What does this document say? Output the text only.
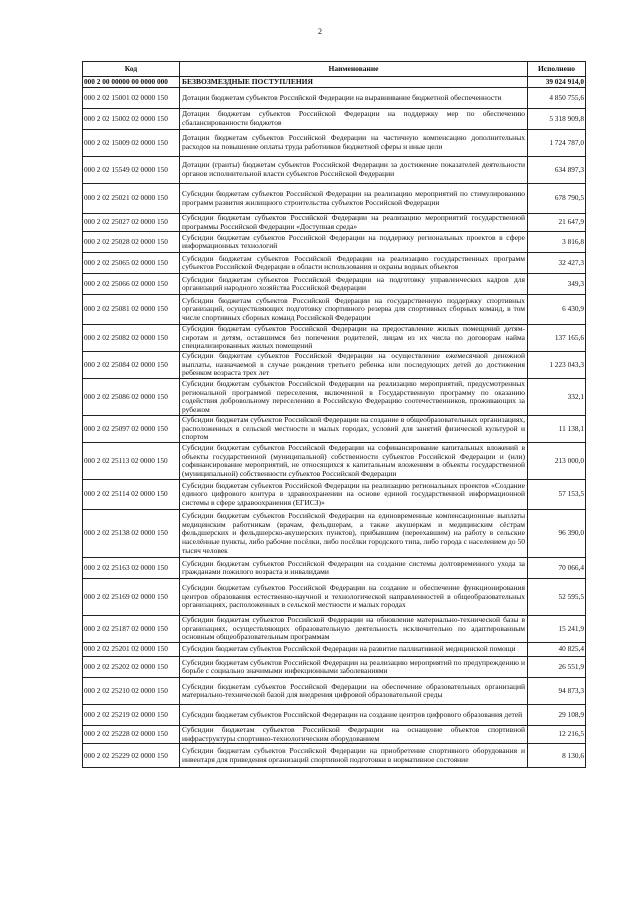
2
Код	Наименование	Исполнено
000 2 00 00000 00 0000 000	БЕЗВОЗМЕЗДНЫЕ ПОСТУПЛЕНИЯ	39 024 914,0
000 2 02 15001 02 0000 150	Дотации бюджетам субъектов Российской Федерации на выравнивание бюджетной обеспеченности	4 850 755,6
000 2 02 15002 02 0000 150	Дотации бюджетам субъектов Российской Федерации на поддержку мер по обеспечению сбалансированности бюджетов	5 318 909,8
000 2 02 15009 02 0000 150	Дотации бюджетам субъектов Российской Федерации на частичную компенсацию дополнительных расходов на повышение оплаты труда работников бюджетной сферы и иные цели	1 724 787,0
000 2 02 15549 02 0000 150	Дотации (гранты) бюджетам субъектов Российской Федерации за достижение показателей деятельности органов исполнительной власти субъектов Российской Федерации	634 897,3
000 2 02 25021 02 0000 150	Субсидии бюджетам субъектов Российской Федерации на реализацию мероприятий по стимулированию программ развития жилищного строительства субъектов Российской Федерации	678 790,5
000 2 02 25027 02 0000 150	Субсидии бюджетам субъектов Российской Федерации на реализацию мероприятий государственной программы Российской Федерации «Доступная среда»	21 647,9
000 2 02 25028 02 0000 150	Субсидии бюджетам субъектов Российской Федерации на поддержку региональных проектов в сфере информационных технологий	3 816,8
000 2 02 25065 02 0000 150	Субсидии бюджетам субъектов Российской Федерации на реализацию государственных программ субъектов Российской Федерации в области использования и охраны водных объектов	32 427,3
000 2 02 25066 02 0000 150	Субсидии бюджетам субъектов Российской Федерации на подготовку управленческих кадров для организаций народного хозяйства Российской Федерации	349,3
000 2 02 25081 02 0000 150	Субсидии бюджетам субъектов Российской Федерации на государственную поддержку спортивных организаций, осуществляющих подготовку спортивного резерва для спортивных сборных команд, в том числе спортивных сборных команд Российской Федерации	6 430,9
000 2 02 25082 02 0000 150	Субсидии бюджетам субъектов Российской Федерации на предоставление жилых помещений детям-сиротам и детям, оставшимся без попечения родителей, лицам из их числа по договорам найма специализированных жилых помещений	137 165,6
000 2 02 25084 02 0000 150	Субсидии бюджетам субъектов Российской Федерации на осуществление ежемесячной денежной выплаты, назначаемой в случае рождения третьего ребенка или последующих детей до достижения ребенком возраста трех лет	1 223 043,3
000 2 02 25086 02 0000 150	Субсидии бюджетам субъектов Российской Федерации на реализацию мероприятий, предусмотренных региональной программой переселения, включенной в Государственную программу по оказанию содействия добровольному переселению в Российскую Федерацию соотечественников, проживающих за рубежом	332,1
000 2 02 25097 02 0000 150	Субсидии бюджетам субъектов Российской Федерации на создание в общеобразовательных организациях, расположенных в сельской местности и малых городах, условий для занятий физической культурой и спортом	11 138,1
000 2 02 25113 02 0000 150	Субсидии бюджетам субъектов Российской Федерации на софинансирование капитальных вложений в объекты государственной (муниципальной) собственности субъектов Российской Федерации и (или) софинансирование мероприятий, не относящихся к капитальным вложениям в объекты государственной (муниципальной) собственности субъектов Российской Федерации	213 000,0
000 2 02 25114 02 0000 150	Субсидии бюджетам субъектов Российской Федерации на реализацию региональных проектов «Создание единого цифрового контура в здравоохранении на основе единой государственной информационной системы в сфере здравоохранения (ЕГИСЗ)»	57 153,5
000 2 02 25138 02 0000 150	Субсидии бюджетам субъектов Российской Федерации на единовременные компенсационные выплаты медицинским работникам (врачам, фельдшерам, а также акушеркам и медицинским сёстрам фельдшерских и фельдшерско-акушерских пунктов), прибывшим (переехавшим) на работу в сельские населённые пункты, либо рабочие посёлки, либо посёлки городского типа, либо города с населением до 50 тысяч человек	96 390,0
000 2 02 25163 02 0000 150	Субсидии бюджетам субъектов Российской Федерации на создание системы долговременного ухода за гражданами пожилого возраста и инвалидами	70 066,4
000 2 02 25169 02 0000 150	Субсидии бюджетам субъектов Российской Федерации на создание и обеспечение функционирования центров образования естественно-научной и технологической направленностей в общеобразовательных организациях, расположенных в сельской местности и малых городах	52 595,5
000 2 02 25187 02 0000 150	Субсидии бюджетам субъектов Российской Федерации на обновление материально-технической базы в организациях, осуществляющих образовательную деятельность исключительно по адаптированным основным общеобразовательным программам	15 241,9
000 2 02 25201 02 0000 150	Субсидии бюджетам субъектов Российской Федерации на развитие паллиативной медицинской помощи	40 825,4
000 2 02 25202 02 0000 150	Субсидии бюджетам субъектов Российской Федерации на реализацию мероприятий по предупреждению и борьбе с социально значимыми инфекционными заболеваниями	26 551,9
000 2 02 25210 02 0000 150	Субсидии бюджетам субъектов Российской Федерации на обеспечение образовательных организаций материально-технической базой для внедрения цифровой образовательной среды	94 873,3
000 2 02 25219 02 0000 150	Субсидии бюджетам субъектов Российской Федерации на создание центров цифрового образования детей	29 108,9
000 2 02 25228 02 0000 150	Субсидии бюджетам субъектов Российской Федерации на оснащение объектов спортивной инфраструктуры спортивно-технологическим оборудованием	12 216,5
000 2 02 25229 02 0000 150	Субсидии бюджетам субъектов Российской Федерации на приобретение спортивного оборудования и инвентаря для приведения организаций спортивной подготовки в нормативное состояние	8 130,6
